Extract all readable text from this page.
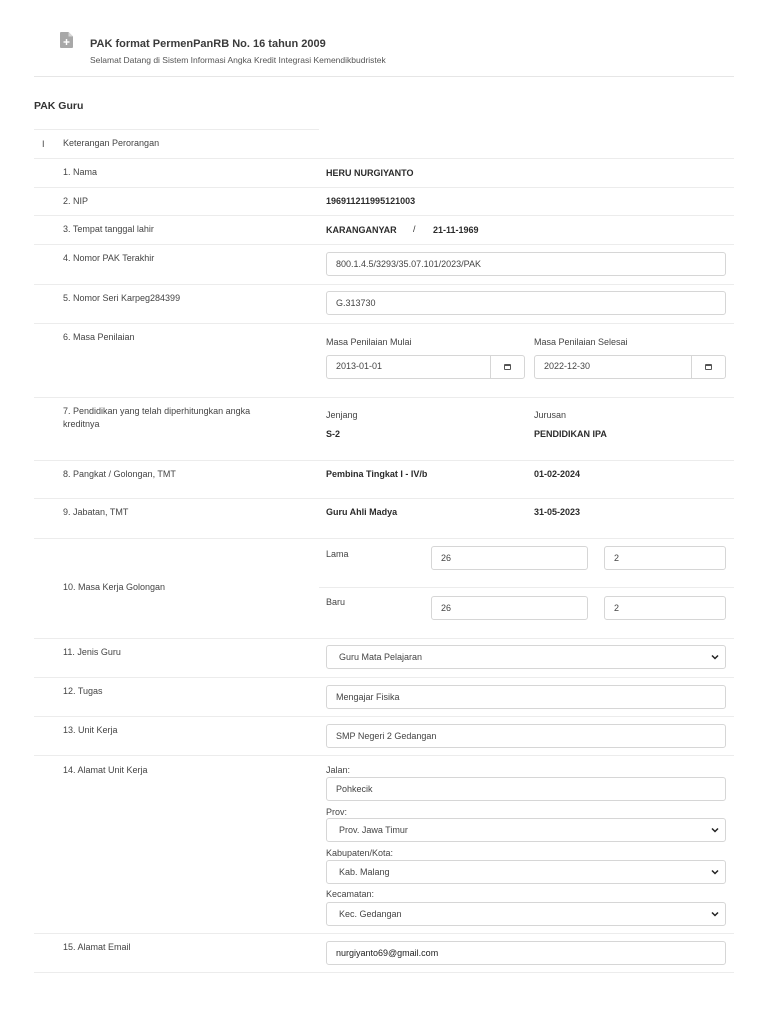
PAK format PermenPanRB No. 16 tahun 2009
Selamat Datang di Sistem Informasi Angka Kredit Integrasi Kemendikbudristek
PAK Guru
I Keterangan Perorangan
1. Nama	HERU NURGIYANTO
2. NIP	196911211995121003
3. Tempat tanggal lahir	KARANGANYAR / 21-11-1969
4. Nomor PAK Terakhir
800.1.4.5/3293/35.07.101/2023/PAK
5. Nomor Seri Karpeg284399	G.313730
6. Masa Penilaian	Masa Penilaian Mulai
2013-01-01
Masa Penilaian Selesai
2022-12-30
7. Pendidikan yang telah diperhitungkan angka kreditnya
Jenjang
S-2
Jurusan
PENDIDIKAN IPA
8. Pangkat / Golongan, TMT	Pembina Tingkat I - IV/b	01-02-2024
9. Jabatan, TMT	Guru Ahli Madya	31-05-2023
10. Masa Kerja Golongan
Lama	26	2
Baru
26	2
11. Jenis Guru	Guru Mata Pelajaran
12. Tugas
Mengajar Fisika
13. Unit Kerja
SMP Negeri 2 Gedangan
14. Alamat Unit Kerja	Jalan:
Pohkecik
Prov:
Prov. Jawa Timur
Kabupaten/Kota:
Kab. Malang
Kecamatan:
Kec. Gedangan
15. Alamat Email
nurgiyanto69@gmail.com
